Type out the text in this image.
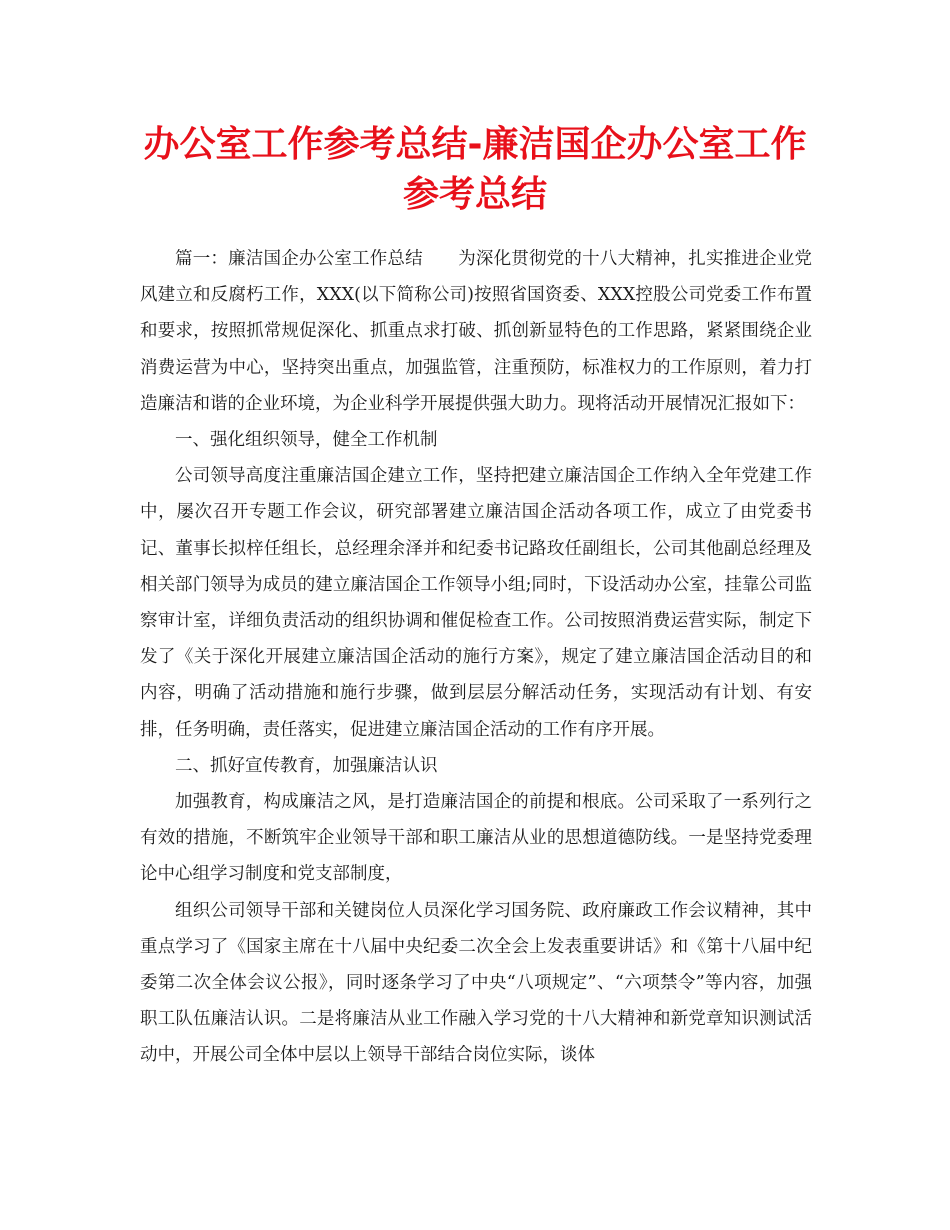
办公室工作参考总结-廉洁国企办公室工作参考总结

篇一：廉洁国企办公室工作总结　　为深化贯彻党的十八大精神，扎实推进企业党风建立和反腐朽工作，XXX(以下简称公司)按照省国资委、XXX控股公司党委工作布置和要求，按照抓常规促深化、抓重点求打破、抓创新显特色的工作思路，紧紧围绕企业消费运营为中心，坚持突出重点，加强监管，注重预防，标准权力的工作原则，着力打造廉洁和谐的企业环境，为企业科学开展提供强大助力。现将活动开展情况汇报如下：

一、强化组织领导，健全工作机制

公司领导高度注重廉洁国企建立工作，坚持把建立廉洁国企工作纳入全年党建工作中，屡次召开专题工作会议，研究部署建立廉洁国企活动各项工作，成立了由党委书记、董事长拟梓任组长，总经理余泽并和纪委书记路玫任副组长，公司其他副总经理及相关部门领导为成员的建立廉洁国企工作领导小组;同时，下设活动办公室，挂靠公司监察审计室，详细负责活动的组织协调和催促检查工作。公司按照消费运营实际，制定下发了《关于深化开展建立廉洁国企活动的施行方案》，规定了建立廉洁国企活动目的和内容，明确了活动措施和施行步骤，做到层层分解活动任务，实现活动有计划、有安排，任务明确，责任落实，促进建立廉洁国企活动的工作有序开展。

二、抓好宣传教育，加强廉洁认识

加强教育，构成廉洁之风，是打造廉洁国企的前提和根底。公司采取了一系列行之有效的措施，不断筑牢企业领导干部和职工廉洁从业的思想道德防线。一是坚持党委理论中心组学习制度和党支部制度，

组织公司领导干部和关键岗位人员深化学习国务院、政府廉政工作会议精神，其中重点学习了《国家主席在十八届中央纪委二次全会上发表重要讲话》和《第十八届中纪委第二次全体会议公报》，同时逐条学习了中央“八项规定”、“六项禁令”等内容，加强职工队伍廉洁认识。二是将廉洁从业工作融入学习党的十八大精神和新党章知识测试活动中，开展公司全体中层以上领导干部结合岗位实际，谈体
